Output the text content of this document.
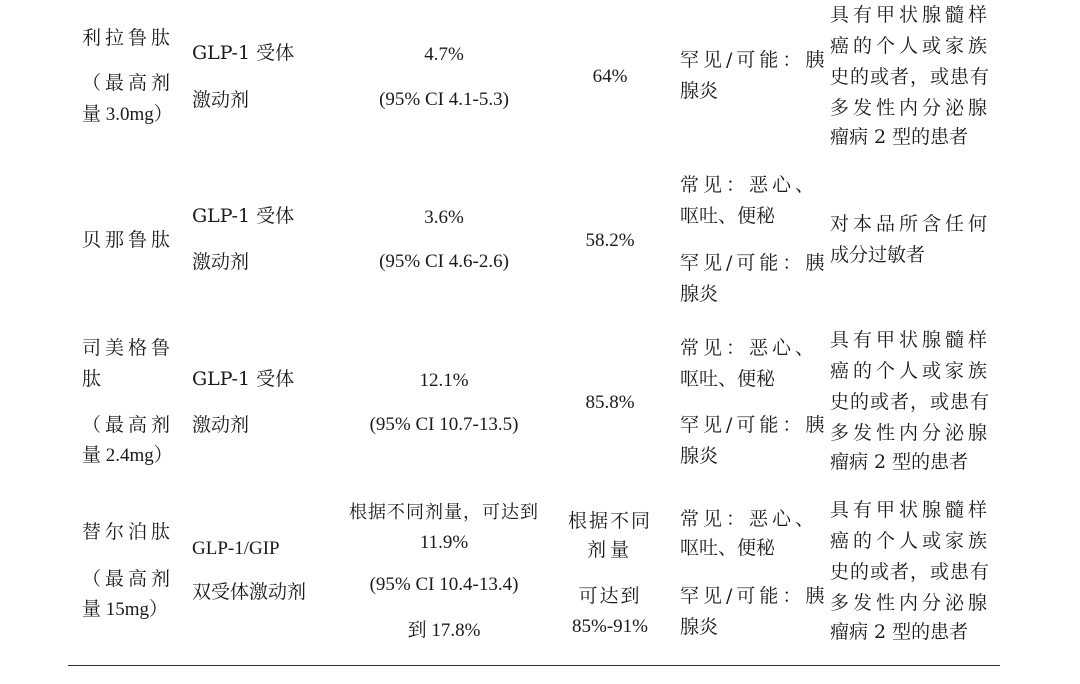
利拉鲁肽
（最高剂
量 3.0mg）
GLP-1 受体
激动剂
4.7%
(95% CI 4.1-5.3)
64%
罕见/可能：胰
腺炎
具有甲状腺髓样
癌的个人或家族
史的或者，或患有
多发性内分泌腺
瘤病 2 型的患者
贝那鲁肽
GLP-1 受体
激动剂
3.6%
(95% CI 4.6-2.6)
58.2%
常见：恶心、
呕吐、便秘
罕见/可能：胰
腺炎
对本品所含任何
成分过敏者
司美格鲁
肽
（最高剂
量 2.4mg）
GLP-1 受体
激动剂
12.1%
(95% CI 10.7-13.5)
85.8%
常见：恶心、
呕吐、便秘
罕见/可能：胰
腺炎
具有甲状腺髓样
癌的个人或家族
史的或者，或患有
多发性内分泌腺
瘤病 2 型的患者
替尔泊肽
（最高剂
量 15mg）
GLP-1/GIP
双受体激动剂
根据不同剂量，可达到
11.9%
(95% CI 10.4-13.4)
到 17.8%
根据不同
剂量
可达到
85%-91%
常见：恶心、
呕吐、便秘
罕见/可能：胰
腺炎
具有甲状腺髓样
癌的个人或家族
史的或者，或患有
多发性内分泌腺
瘤病 2 型的患者
